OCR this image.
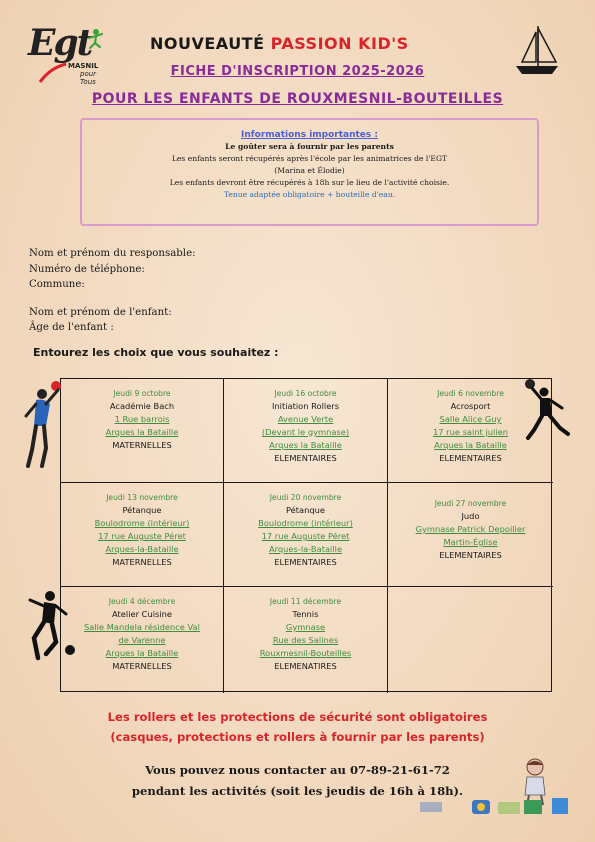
Egt
MASNIL
pour Tous
NOUVEAUTÉ PASSION KID'S
FICHE D'INSCRIPTION 2025-2026
POUR LES ENFANTS DE ROUXMESNIL-BOUTEILLES

Informations importantes :

Le goûter sera à fournir par les parents

Les enfants seront récupérés après l'école par les animatrices de l'EGT

(Marina et Élodie)

Les enfants devront être récupérés à 18h sur le lieu de l'activité choisie.

Tenue adaptée obligatoire + bouteille d'eau.

Nom et prénom du responsable:
Numéro de téléphone:
Commune:
Nom et prénom de l'enfant:
Âge de l'enfant :
Entourez les choix que vous souhaitez :
Jeudi 9 octobre
Académie Bach
1 Rue barrois
Arques la Bataille
MATERNELLES
Jeudi 16 octobre
Initiation Rollers
Avenue Verte
(Devant le gymnase)
Arques la Bataille
ELEMENTAIRES
Jeudi 6 novembre
Acrosport
Salle Alice Guy
17 rue saint julien
Arques la Bataille
ELEMENTAIRES
Jeudi 13 novembre
Pétanque
Boulodrome (intérieur)
17 rue Auguste Péret
Arques-la-Bataille
MATERNELLES
Jeudi 20 novembre
Pétanque
Boulodrome (intérieur)
17 rue Auguste Péret
Arques-la-Bataille
ELEMENTAIRES
Jeudi 27 novembre
Judo
Gymnase Patrick Depoilier
Martin-Église
ELEMENTAIRES
Jeudi 4 décembre
Atelier Cuisine
Salle Mandela résidence Val
de Varenne
Arques la Bataille
MATERNELLES
Jeudi 11 décembre
Tennis
Gymnase
Rue des Salines
Rouxmesnil-Bouteilles
ELEMENATIRES
Les rollers et les protections de sécurité sont obligatoires
(casques, protections et rollers à fournir par les parents)
Vous pouvez nous contacter au 07-89-21-61-72
pendant les activités (soit les jeudis de 16h à 18h).
